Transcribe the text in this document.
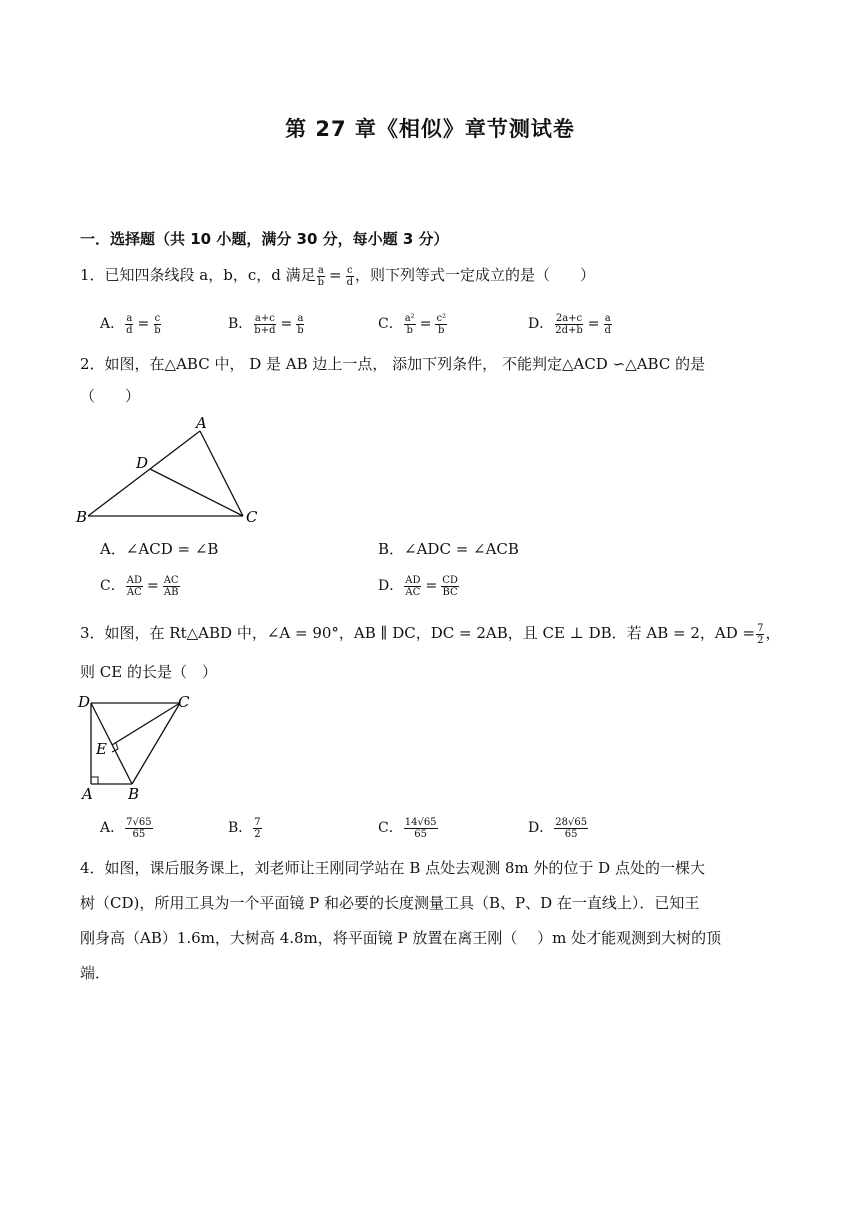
第 27 章《相似》章节测试卷
一．选择题（共 10 小题，满分 30 分，每小题 3 分）
1．已知四条线段 a，b，c，d 满足 $\frac{a}{b} = \frac{c}{d}$ ，则下列等式一定成立的是（　　）
A． $\frac{a}{d} = \frac{c}{b}$	B． $\frac{a+c}{b+d} = \frac{a}{b}$	C． $\frac{\text{a²}}{b} = \frac{\text{c²}}{b}$	D． $\frac{2a+c}{2d+b} = \frac{a}{d}$
2．如图，在△ABC 中， D 是 AB 边上一点， 添加下列条件， 不能判定△ACD ∽△ABC 的是
（　　）
A
B	C
D
A．∠ACD = ∠B	B．∠ADC = ∠ACB
C． $\frac{AD}{AC} = \frac{AC}{AB}$	D． $\frac{AD}{AC} = \frac{CD}{BC}$
3．如图，在 Rt△ABD 中，∠A = 90°，AB ∥ DC，DC = 2AB，且 CE ⊥ DB．若 AB = 2，AD = $\frac{7}{2}$ ，
则 CE 的长是（　）
D	C
E
A B
A． $\frac{7√65}{65}$	B． $\frac{7}{2}$	C． $\frac{14√65}{65}$	D． $\frac{28√65}{65}$
4．如图，课后服务课上，刘老师让王刚同学站在 B 点处去观测 8m 外的位于 D 点处的一棵大
树（CD)，所用工具为一个平面镜 P 和必要的长度测量工具（B、P、D 在一直线上）．已知王
刚身高（AB）1.6m，大树高 4.8m，将平面镜 P 放置在离王刚（　 ）m 处才能观测到大树的顶
端．
